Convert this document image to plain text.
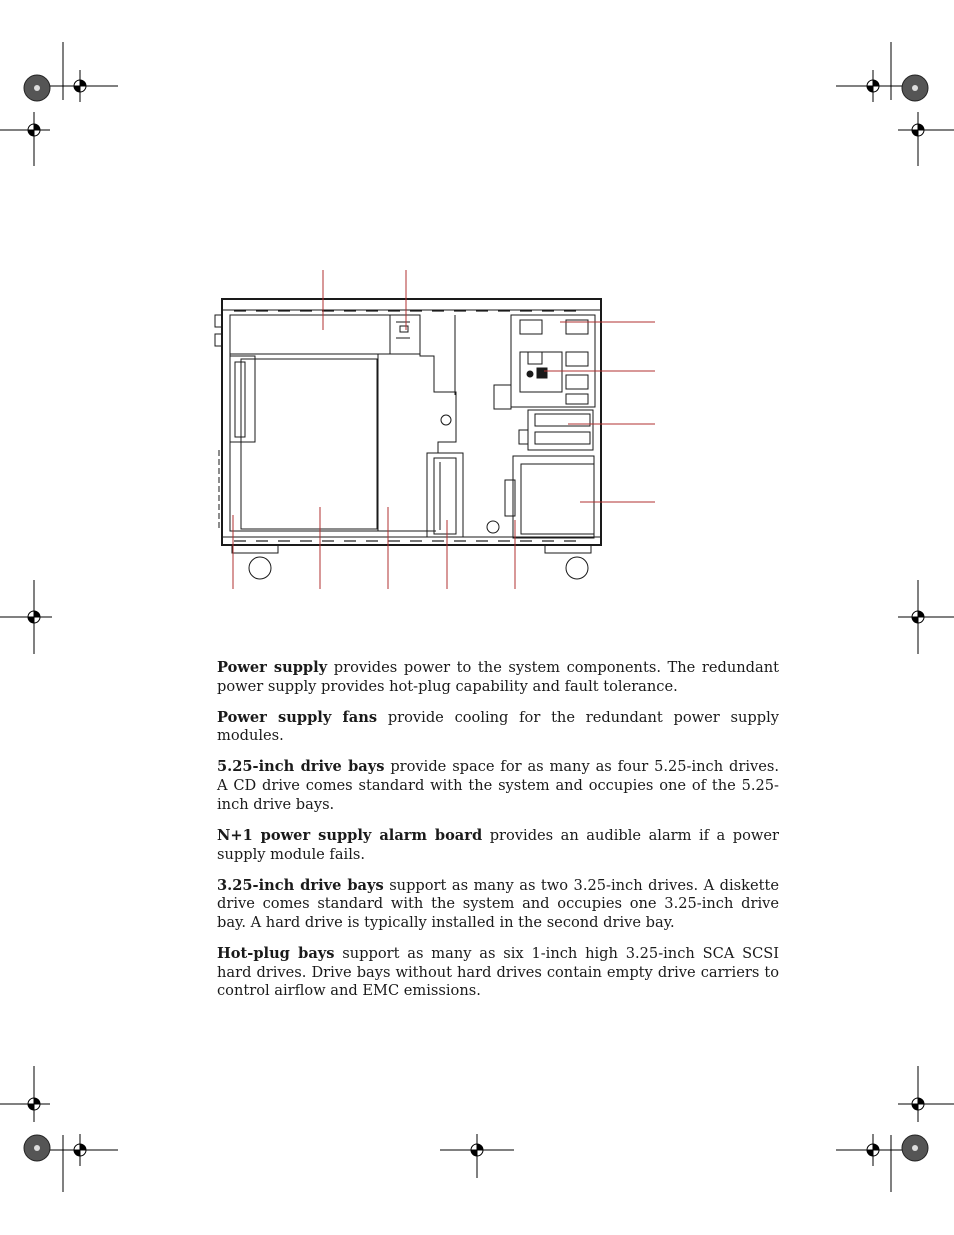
Power supply provides power to the system components. The redundant power supply provides hot-plug capability and fault tolerance.

Power supply fans provide cooling for the redundant power supply modules.

5.25-inch drive bays provide space for as many as four 5.25-inch drives. A CD drive comes standard with the system and occupies one of the 5.25-inch drive bays.

N+1 power supply alarm board provides an audible alarm if a power supply module fails.

3.25-inch drive bays support as many as two 3.25-inch drives. A diskette drive comes standard with the system and occupies one 3.25-inch drive bay. A hard drive is typically installed in the second drive bay.

Hot-plug bays support as many as six 1-inch high 3.25-inch SCA SCSI hard drives. Drive bays without hard drives contain empty drive carriers to control airflow and EMC emissions.
